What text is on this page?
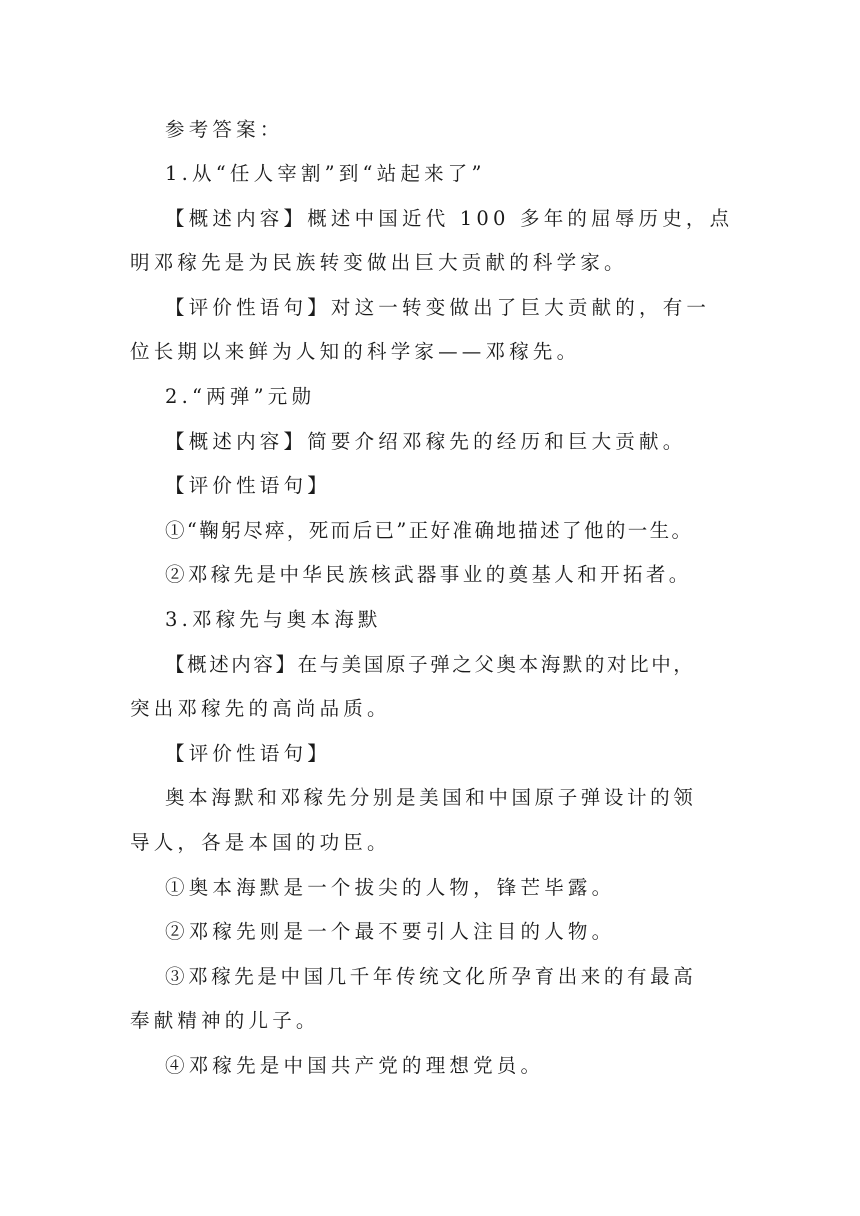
参考答案：
1.从“任人宰割”到“站起来了”
【概述内容】概述中国近代 100 多年的屈辱历史，点
明邓稼先是为民族转变做出巨大贡献的科学家。
【评价性语句】对这一转变做出了巨大贡献的，有一
位长期以来鲜为人知的科学家——邓稼先。
2.“两弹”元勋
【概述内容】简要介绍邓稼先的经历和巨大贡献。
【评价性语句】
①“鞠躬尽瘁，死而后已”正好准确地描述了他的一生。
②邓稼先是中华民族核武器事业的奠基人和开拓者。
3.邓稼先与奥本海默
【概述内容】在与美国原子弹之父奥本海默的对比中，
突出邓稼先的高尚品质。
【评价性语句】
奥本海默和邓稼先分别是美国和中国原子弹设计的领
导人，各是本国的功臣。
①奥本海默是一个拔尖的人物，锋芒毕露。
②邓稼先则是一个最不要引人注目的人物。
③邓稼先是中国几千年传统文化所孕育出来的有最高
奉献精神的儿子。
④邓稼先是中国共产党的理想党员。
